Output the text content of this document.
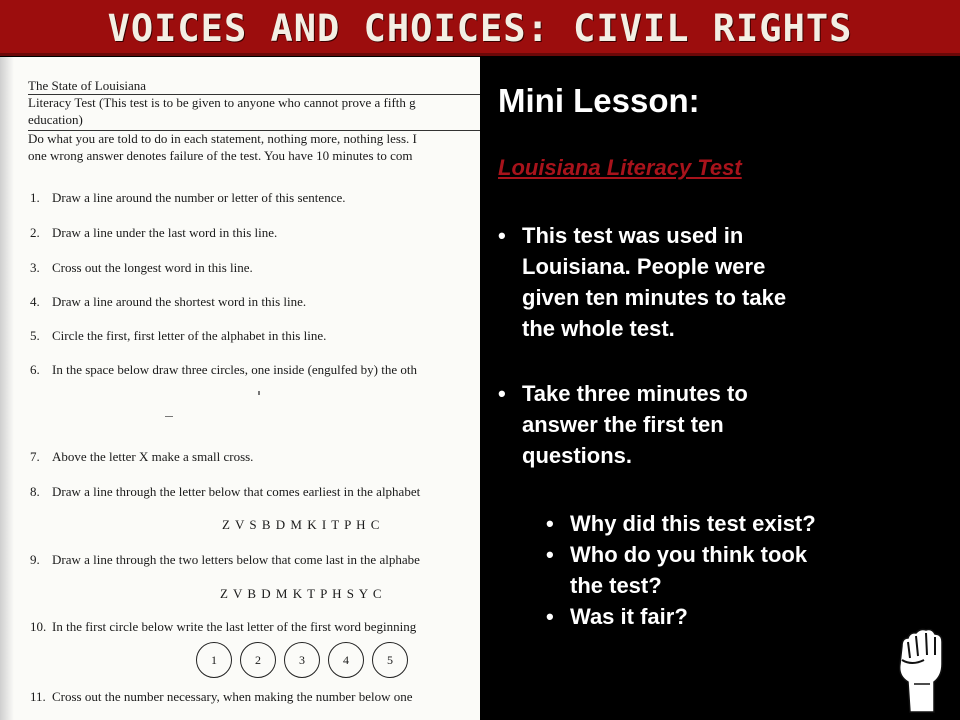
VOICES AND CHOICES: CIVIL RIGHTS
The State of Louisiana
Literacy Test (This test is to be given to anyone who cannot prove a fifth g
education)
Do what you are told to do in each statement, nothing more, nothing less. I
one wrong answer denotes failure of the test. You have 10 minutes to com
1. Draw a line around the number or letter of this sentence.
2. Draw a line under the last word in this line.
3. Cross out the longest word in this line.
4. Draw a line around the shortest word in this line.
5. Circle the first, first letter of the alphabet in this line.
6. In the space below draw three circles, one inside (engulfed by) the oth
7. Above the letter X make a small cross.
8. Draw a line through the letter below that comes earliest in the alphabet
Z V S B D M K I T P H C
9. Draw a line through the two letters below that come last in the alphabe
Z V B D M K T P H S Y C
10. In the first circle below write the last letter of the first word beginning
1	2	3	4	5
11. Cross out the number necessary, when making the number below one
Mini Lesson:
Louisiana Literacy Test
• This test was used in
Louisiana. People were
given ten minutes to take
the whole test.
• Take three minutes to
answer the first ten
questions.
• Why did this test exist?
• Who do you think took
the test?
• Was it fair?
